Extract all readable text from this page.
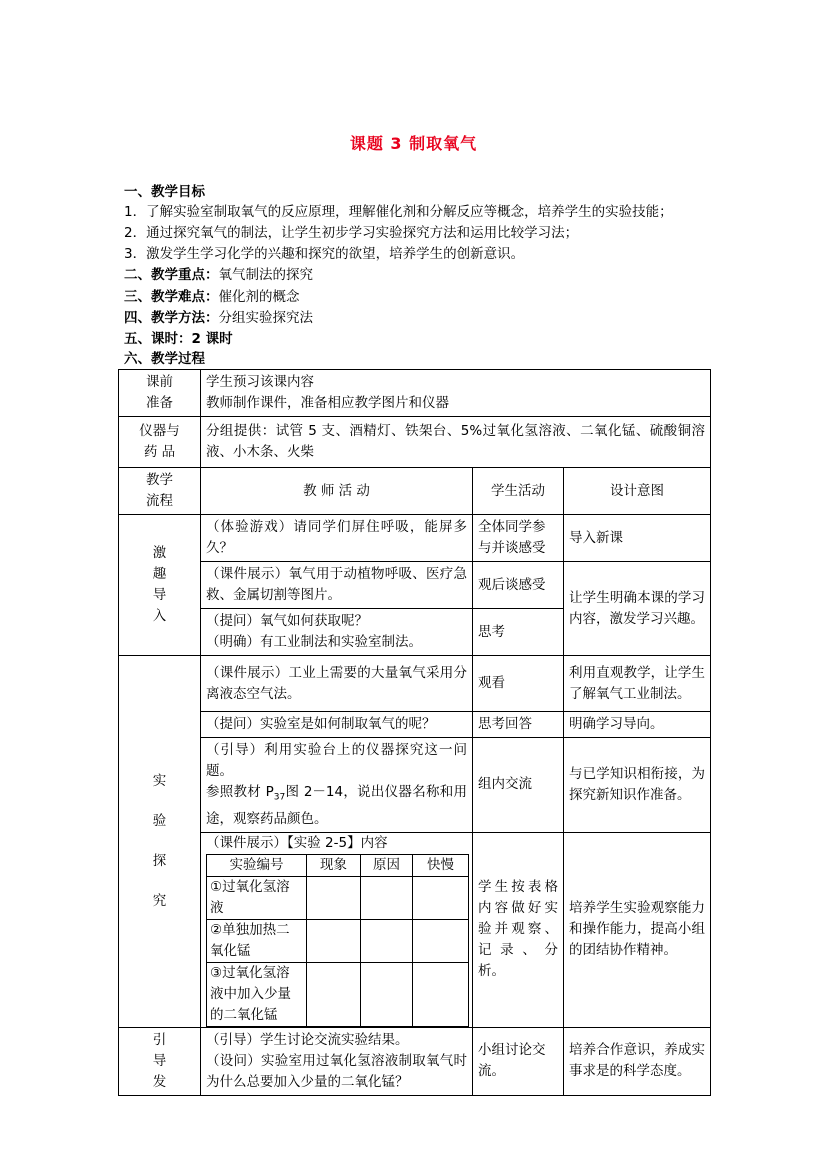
课题 3 制取氧气
一、教学目标
1．了解实验室制取氧气的反应原理，理解催化剂和分解反应等概念，培养学生的实验技能；
2．通过探究氧气的制法，让学生初步学习实验探究方法和运用比较学习法；
3．激发学生学习化学的兴趣和探究的欲望，培养学生的创新意识。
二、教学重点：氧气制法的探究
三、教学难点：催化剂的概念
四、教学方法：分组实验探究法
五、课时：2 课时
六、教学过程
课前
准备	学生预习该课内容
教师制作课件，准备相应教学图片和仪器
仪器与
药 品	分组提供：试管 5 支、酒精灯、铁架台、5%过氧化氢溶液、二氧化锰、硫酸铜溶液、小木条、火柴
教学
流程	教 师 活 动	学生活动	设计意图

激
趣
导
入
	（体验游戏）请同学们屏住呼吸，能屏多久？	全体同学参与并谈感受	导入新课
（课件展示）氧气用于动植物呼吸、医疗急救、金属切割等图片。	观后谈感受	让学生明确本课的学习内容，激发学习兴趣。
（提问）氧气如何获取呢？
（明确）有工业制法和实验室制法。	思考

实
验
探
究
	（课件展示）工业上需要的大量氧气采用分离液态空气法。	观看	利用直观教学，让学生了解氧气工业制法。
（提问）实验室是如何制取氧气的呢？	思考回答	明确学习导向。

（引导）利用实验台上的仪器探究这一问题。
参照教材 $P_{37}$图 2－14，说出仪器名称和用途，观察药品颜色。
	组内交流	与已学知识相衔接，为探究新知识作准备。

（课件展示）【实验 2-5】内容
实验编号	现象	原因	快慢
①过氧化氢溶液			
②单独加热二氧化锰			
③过氧化氢溶液中加入少量的二氧化锰			
	学生按表格内容做好实验并观察、记录、分析。	培养学生实验观察能力和操作能力，提高小组的团结协作精神。

引
导
发
	（引导）学生讨论交流实验结果。
（设问）实验室用过氧化氢溶液制取氧气时为什么总要加入少量的二氧化锰？	小组讨论交流。	培养合作意识，养成实事求是的科学态度。
